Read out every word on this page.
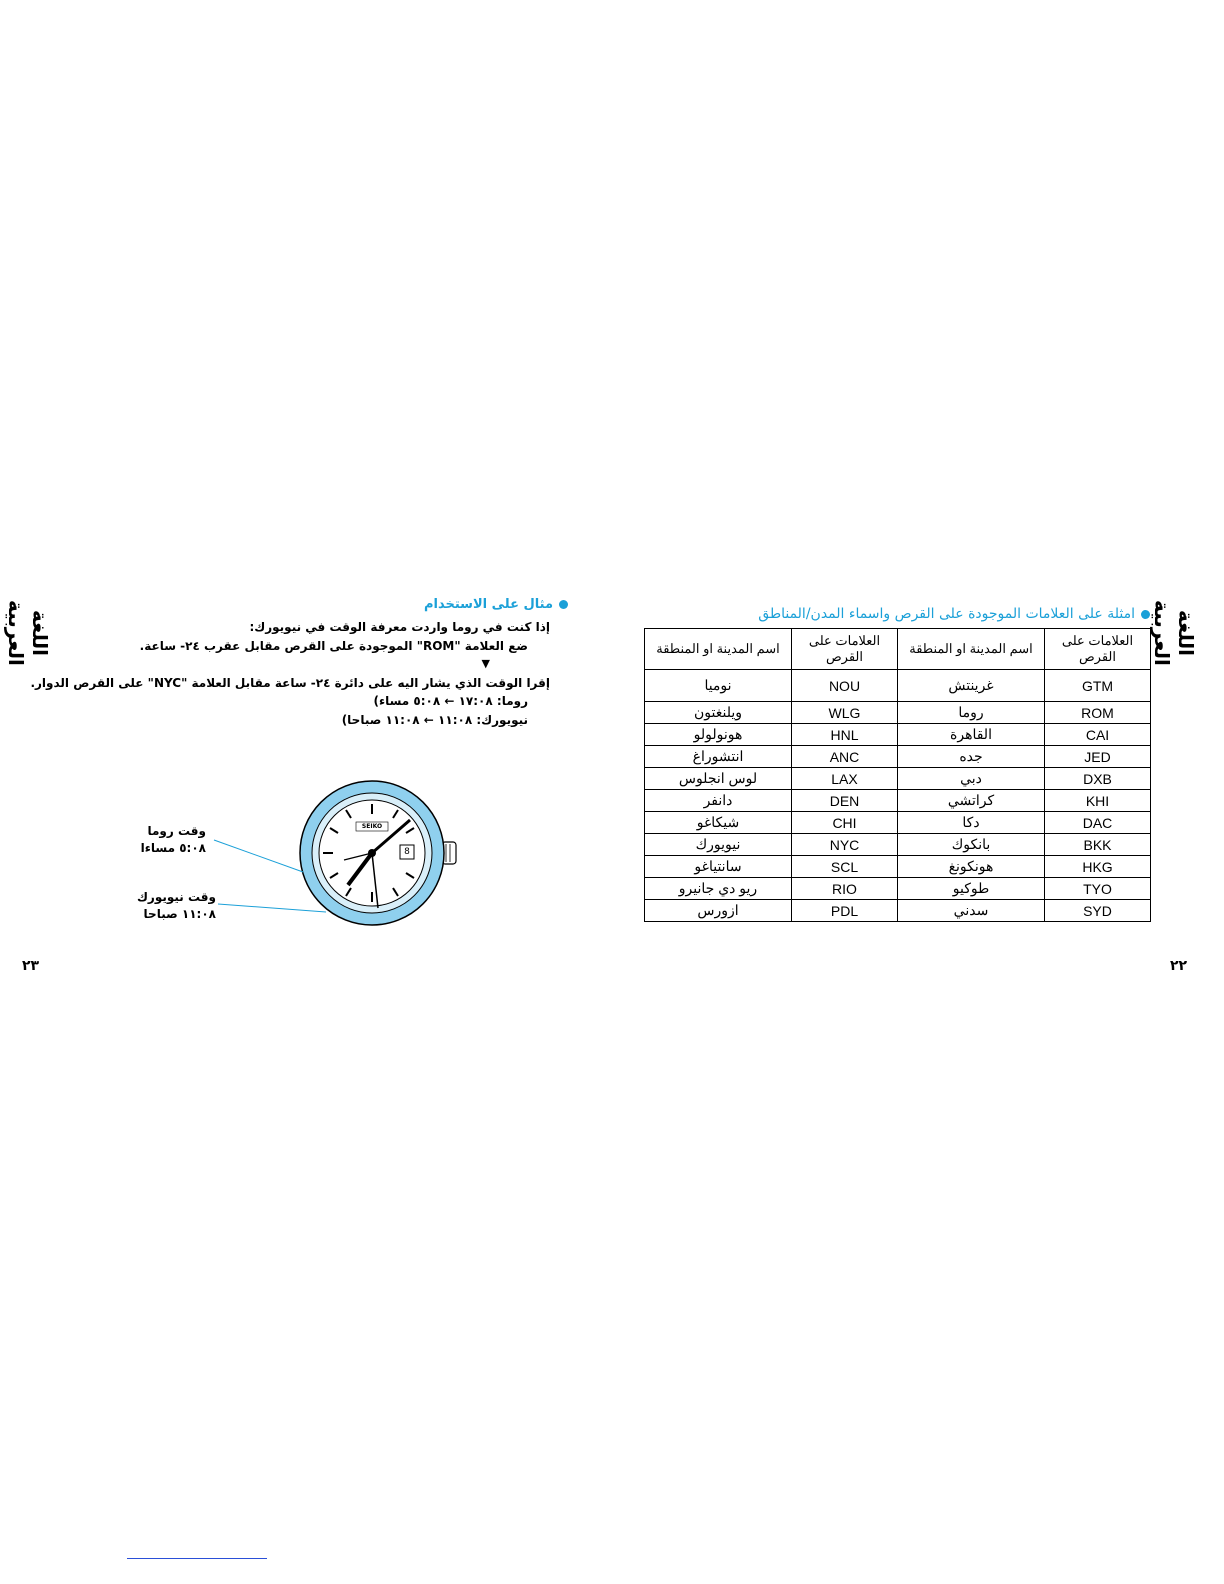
اللغة العربية	مثال على الاستخدام
إذا كنت في روما واردت معرفة الوقت في نيويورك:
ضع العلامة "ROM" الموجودة على القرص مقابل عقرب ٢٤- ساعة.
▼
إقرا الوقت الذي يشار اليه على دائرة ٢٤- ساعة مقابل العلامة "NYC" على القرص الدوار.
روما: ١٧:٠٨ ← ٥:٠٨ مساء)
نيويورك: ١١:٠٨ ← ١١:٠٨ صباحا)
SEIKO
8
وقت روما
٥:٠٨ مساءا
وقت نيويورك
١١:٠٨ صباحا
٢٣
اللغة العربية
امثلة على العلامات الموجودة على القرص واسماء المدن/المناطق
العلامات على القرص	اسم المدينة او المنطقة	العلامات على القرص	اسم المدينة او المنطقة
GTM	غرينتش	NOU	نوميا
ROM	روما	WLG	ويلنغتون
CAI	القاهرة	HNL	هونولولو
JED	جده	ANC	انتشوراغ
DXB	دبي	LAX	لوس انجلوس
KHI	كراتشي	DEN	دانفر
DAC	دكا	CHI	شيكاغو
BKK	بانكوك	NYC	نيويورك
HKG	هونكونغ	SCL	سانتياغو
TYO	طوكيو	RIO	ريو دي جانيرو
SYD	سدني	PDL	ازورس
٢٢
